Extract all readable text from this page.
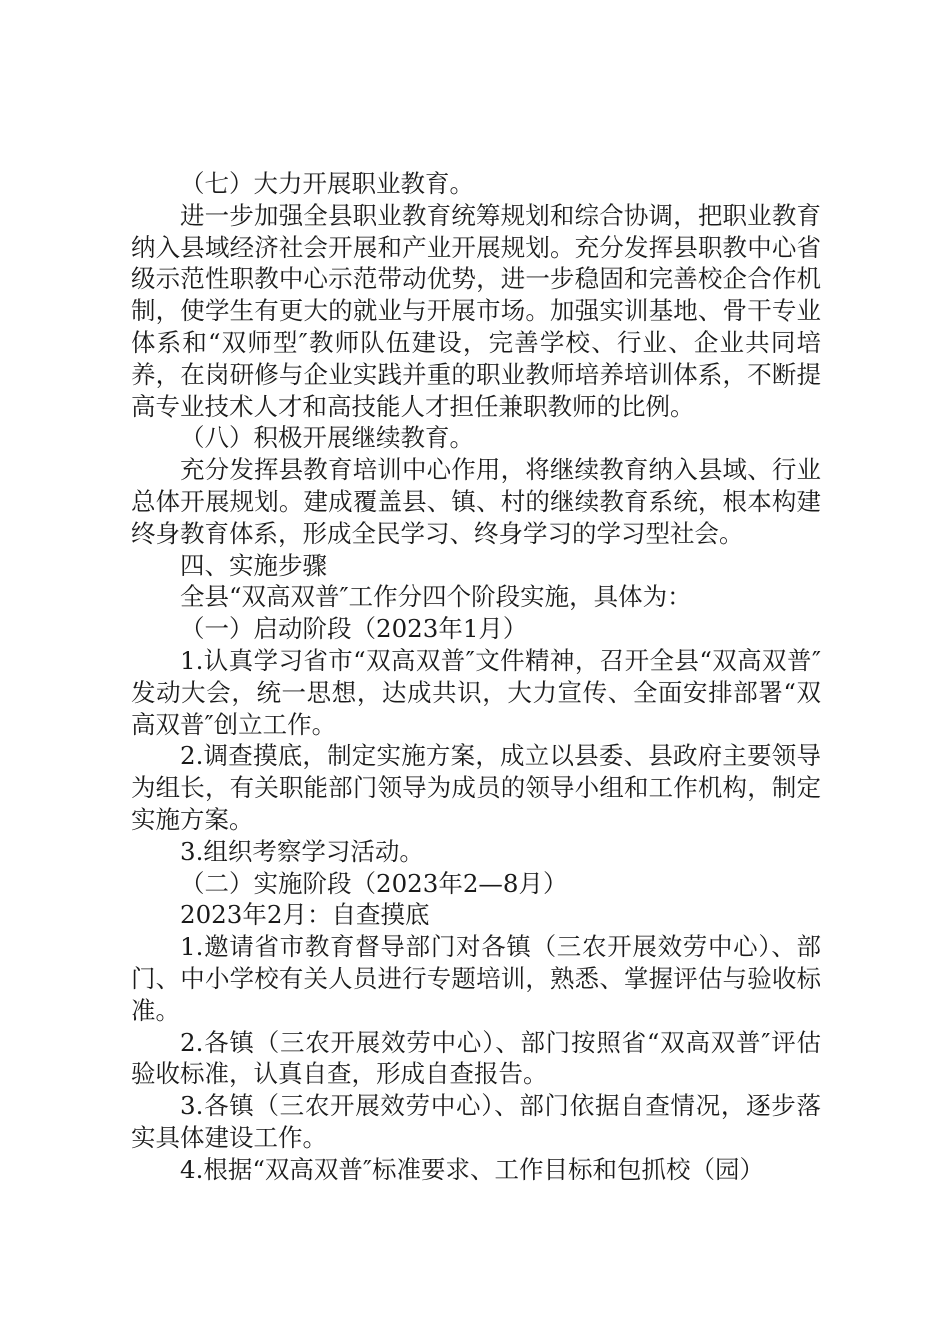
（七）大力开展职业教育。

进一步加强全县职业教育统筹规划和综合协调，把职业教育纳入县域经济社会开展和产业开展规划。充分发挥县职教中心省级示范性职教中心示范带动优势，进一步稳固和完善校企合作机制，使学生有更大的就业与开展市场。加强实训基地、骨干专业体系和“双师型″教师队伍建设，完善学校、行业、企业共同培养，在岗研修与企业实践并重的职业教师培养培训体系，不断提高专业技术人才和高技能人才担任兼职教师的比例。

（八）积极开展继续教育。

充分发挥县教育培训中心作用，将继续教育纳入县域、行业总体开展规划。建成覆盖县、镇、村的继续教育系统，根本构建终身教育体系，形成全民学习、终身学习的学习型社会。

四、实施步骤

全县“双高双普″工作分四个阶段实施，具体为：

（一）启动阶段（2023年1月）

1.认真学习省市“双高双普″文件精神，召开全县“双高双普″发动大会，统一思想，达成共识，大力宣传、全面安排部署“双高双普″创立工作。

2.调查摸底，制定实施方案，成立以县委、县政府主要领导为组长，有关职能部门领导为成员的领导小组和工作机构，制定实施方案。

3.组织考察学习活动。

（二）实施阶段（2023年2—8月）

2023年2月：自查摸底

1.邀请省市教育督导部门对各镇（三农开展效劳中心）、部门、中小学校有关人员进行专题培训，熟悉、掌握评估与验收标准。

2.各镇（三农开展效劳中心）、部门按照省“双高双普″评估验收标准，认真自查，形成自查报告。

3.各镇（三农开展效劳中心）、部门依据自查情况，逐步落实具体建设工作。

4.根据“双高双普″标准要求、工作目标和包抓校（园）
